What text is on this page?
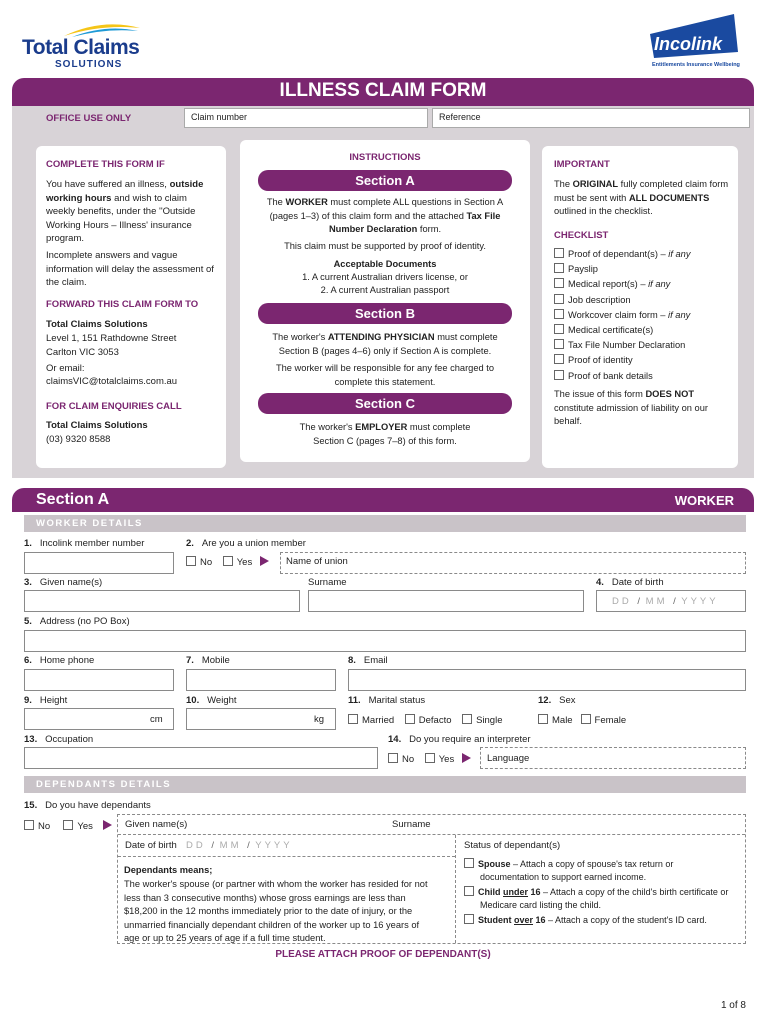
Total Claims
SOLUTIONS
Incolink
Entitlements Insurance Wellbeing
ILLNESS CLAIM FORM
OFFICE USE ONLY	Claim number	Reference
COMPLETE THIS FORM IF
You have suffered an illness, outside working hours and wish to claim weekly benefits, under the ''Outside Working Hours – Illness' insurance program.
Incomplete answers and vague information will delay the assessment of the claim.
FORWARD THIS CLAIM FORM TO
Total Claims Solutions
Level 1, 151 Rathdowne Street
Carlton VIC 3053
Or email:
claimsVIC@totalclaims.com.au
FOR CLAIM ENQUIRIES CALL
Total Claims Solutions
(03) 9320 8588
INSTRUCTIONS
Section A
The WORKER must complete ALL questions in Section A (pages 1–3) of this claim form and the attached Tax File Number Declaration form.
This claim must be supported by proof of identity.
Acceptable Documents
1. A current Australian drivers license, or
2. A current Australian passport
Section B
The worker's ATTENDING PHYSICIAN must complete Section B (pages 4–6) only if Section A is complete.
The worker will be responsible for any fee charged to complete this statement.
Section C
The worker's EMPLOYER must complete Section C (pages 7–8) of this form.
IMPORTANT
The ORIGINAL fully completed claim form must be sent with ALL DOCUMENTS outlined in the checklist.
CHECKLIST
Proof of dependant(s) – if any
Payslip
Medical report(s) – if any
Job description
Workcover claim form – if any
Medical certificate(s)
Tax File Number Declaration
Proof of identity
Proof of bank details
The issue of this form DOES NOT constitute admission of liability on our behalf.
Section A	WORKER
WORKER DETAILS
1. Incolink member number	2. Are you a union member
No	Yes	Name of union
3. Given name(s)	Surname	4. Date of birth
DD / MM / YYYY
5. Address (no PO Box)
6. Home phone	7. Mobile	8. Email
9. Height	10. Weight	11. Marital status	12. Sex
cm	kg	Married	Defacto	Single	Male Female
13. Occupation	14. Do you require an interpreter
No	Yes	Language
DEPENDANTS DETAILS
15. Do you have dependants
No	Yes	Given name(s)	Surname
Date of birth DD / MM / YYYY	Status of dependant(s)
Dependants means;
The worker's spouse (or partner with whom the worker has resided for not less than 3 consecutive months) whose gross earnings are less than $18,200 in the 12 months immediately prior to the date of injury, or the unmarried financially dependant children of the worker up to 16 years of age or up to 25 years of age if a full time student.
Spouse – Attach a copy of spouse's tax return or documentation to support earned income.
Child under 16 – Attach a copy of the child's birth certificate or Medicare card listing the child.
Student over 16 – Attach a copy of the student's ID card.
PLEASE ATTACH PROOF OF DEPENDANT(S)
1 of 8
